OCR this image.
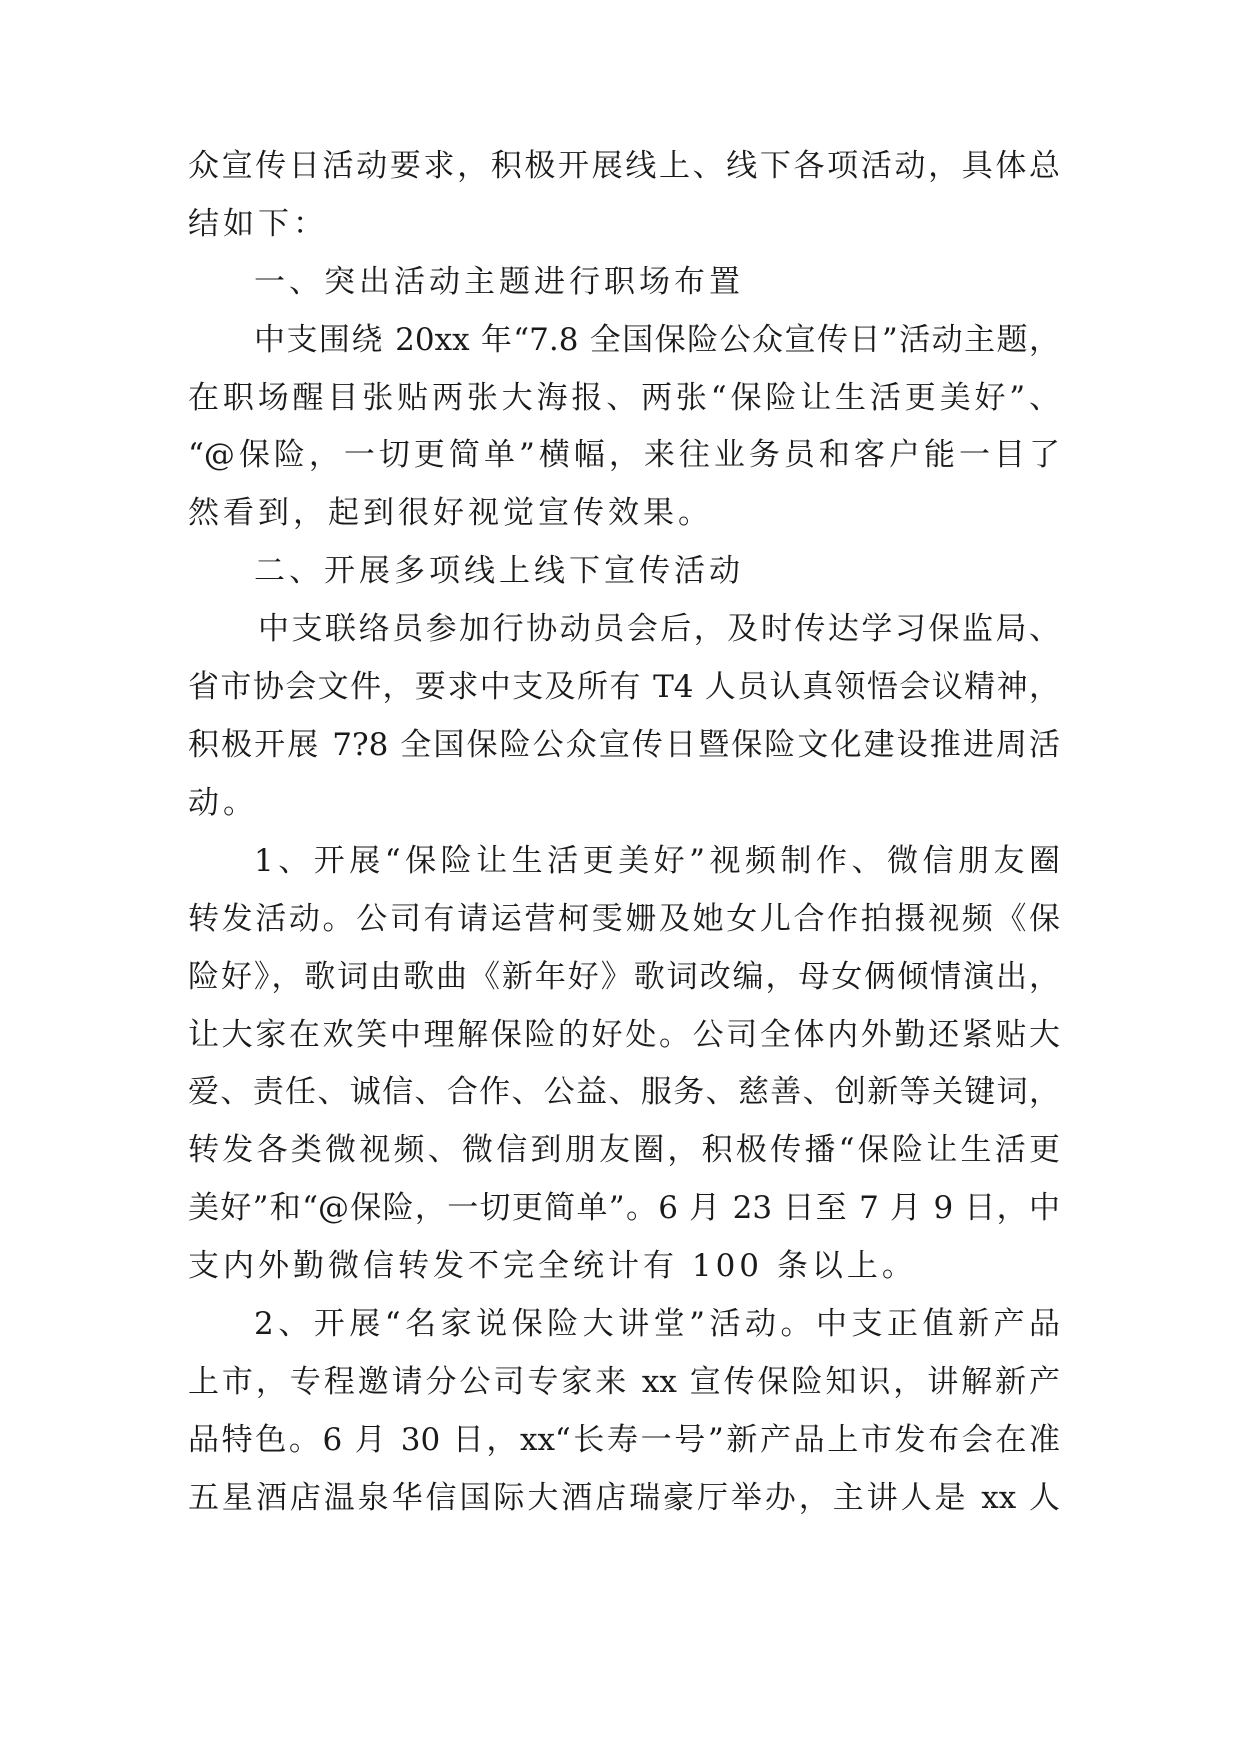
众宣传日活动要求，积极开展线上、线下各项活动，具体总
结如下：
一、突出活动主题进行职场布置
中支围绕 20xx 年“7.8 全国保险公众宣传日”活动主题，
在职场醒目张贴两张大海报、两张“保险让生活更美好”、
“@保险，一切更简单”横幅，来往业务员和客户能一目了
然看到，起到很好视觉宣传效果。
二、开展多项线上线下宣传活动
中支联络员参加行协动员会后，及时传达学习保监局、
省市协会文件，要求中支及所有 T4 人员认真领悟会议精神，
积极开展 7?8 全国保险公众宣传日暨保险文化建设推进周活
动。
1、开展“保险让生活更美好”视频制作、微信朋友圈
转发活动。公司有请运营柯雯姗及她女儿合作拍摄视频《保
险好》，歌词由歌曲《新年好》歌词改编，母女俩倾情演出，
让大家在欢笑中理解保险的好处。公司全体内外勤还紧贴大
爱、责任、诚信、合作、公益、服务、慈善、创新等关键词，
转发各类微视频、微信到朋友圈，积极传播“保险让生活更
美好”和“@保险，一切更简单”。6 月 23 日至 7 月 9 日，中
支内外勤微信转发不完全统计有 100 条以上。
2、开展“名家说保险大讲堂”活动。中支正值新产品
上市，专程邀请分公司专家来 xx 宣传保险知识，讲解新产
品特色。6 月 30 日，xx“长寿一号”新产品上市发布会在准
五星酒店温泉华信国际大酒店瑞豪厅举办，主讲人是 xx 人
